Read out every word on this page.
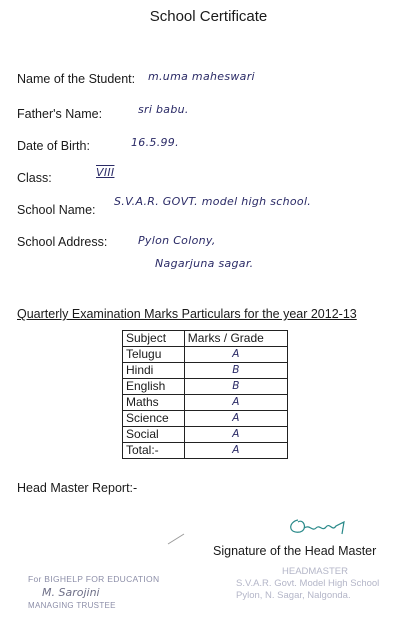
School Certificate
Name of the Student: m.uma maheswari
Father's Name:	sri babu.
Date of Birth:	16.5.99.
Class:	VIII
School Name:
S.V.A.R. GOVT. model high school.
School Address:	Pylon Colony,
Nagarjuna sagar.
Quarterly Examination Marks Particulars for the year 2012-13
Subject	Marks / Grade
Telugu	A
Hindi	B
English	B
Maths	A
Science	A
Social	A
Total:-	A
Head Master Report:-
Signature of the Head Master
For BIGHELP FOR EDUCATION
M. Sarojini
MANAGING TRUSTEE
HEADMASTER
S.V.A.R. Govt. Model High School
Pylon, N. Sagar, Nalgonda.
